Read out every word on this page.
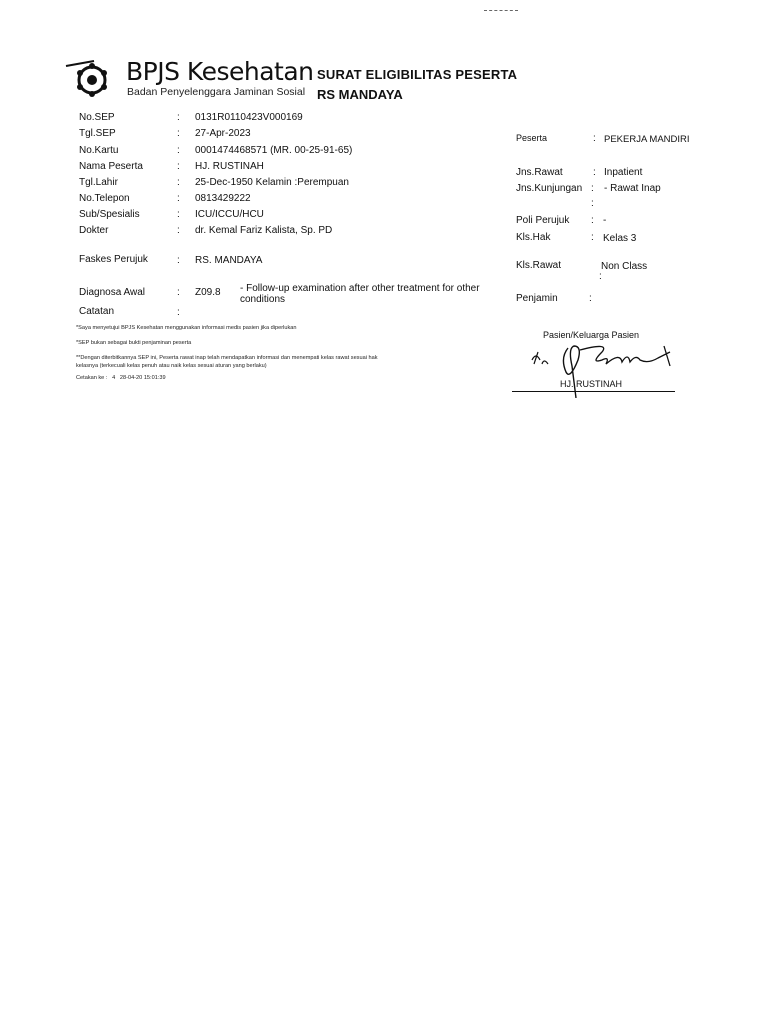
BPJS Kesehatan
Badan Penyelenggara Jaminan Sosial
SURAT ELIGIBILITAS PESERTA
RS MANDAYA
No.SEP	: 0131R0110423V000169
Tgl.SEP	: 27-Apr-2023
No.Kartu	: 0001474468571 (MR. 00-25-91-65)
Nama Peserta	: HJ. RUSTINAH
Tgl.Lahir	: 25-Dec-1950 Kelamin :Perempuan
No.Telepon	: 0813429222
Sub/Spesialis	: ICU/ICCU/HCU
Dokter	: dr. Kemal Fariz Kalista, Sp. PD
Faskes Perujuk	: RS. MANDAYA
Diagnosa Awal	: Z09.8 - Follow-up examination after other treatment for other conditions
Catatan	:
Peserta	: PEKERJA MANDIRI
Jns.Rawat	: Inpatient
Jns.Kunjungan : - Rawat Inap
:
Poli Perujuk : -
Kls.Hak	: Kelas 3
Kls.Rawat	Non Class
:
Penjamin	:
*Saya menyetujui BPJS Kesehatan menggunakan informasi medis pasien jika diperlukan
*SEP bukan sebagai bukti penjaminan peserta
**Dengan diterbitkannya SEP ini, Peserta rawat inap telah mendapatkan informasi dan menempati kelas rawat sesuai hak
kelasnya (terkecuali kelas penuh atau naik kelas sesuai aturan yang berlaku)
Cetakan ke : 4 28-04-20 15:01:39
Pasien/Keluarga Pasien
HJ. RUSTINAH
